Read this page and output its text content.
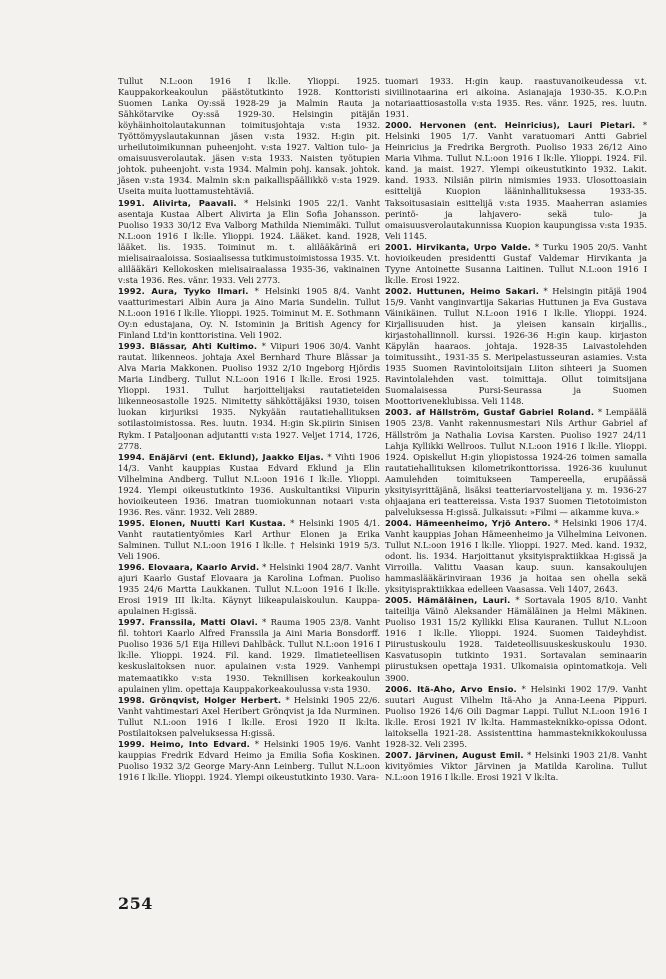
Tullut N.L:oon 1916 I lk:lle. Ylioppi. 1925. Kauppakorkeakoulun päästötutkinto 1928. Konttoristi Suomen Lanka Oy:ssä 1928-29 ja Malmin Rauta ja Sähkötarvike Oy:ssä 1929-30. Helsingin pitäjän köyhäinhoitolautakunnan toimitusjohtaja v:sta 1932. Työttömyyslautakunnan jäsen v:sta 1932. H:gin pit. urheilutoimikunnan puheenjoht. v:sta 1927. Valtion tulo- ja omaisuusverolautak. jäsen v:sta 1933. Naisten työtupien johtok. puheenjoht. v:sta 1934. Malmin pohj. kansak. johtok. jäsen v:sta 1934. Malmin sk:n paikallispäällikkö v:sta 1929. Useita muita luottamustehtäviä.

1991. Alivirta, Paavali. * Helsinki 1905 22/1. Vanht asentaja Kustaa Albert Alivirta ja Elin Sofia Johansson. Puoliso 1933 30/12 Eva Valborg Mathilda Niemimäki. Tullut N.L:oon 1916 I lk:lle. Ylioppi. 1924. Lääket. kand. 1928, lääket. lis. 1935. Toiminut m. t. alilääkärinä eri mielisairaaloissa. Sosiaalisessa tutkimustoimistossa 1935. V.t. alilääkäri Kellokosken mielisairaalassa 1935-36, vakinainen v:sta 1936. Res. vänr. 1933. Veli 2773.

1992. Aura, Tyyko Ilmari. * Helsinki 1905 8/4. Vanht vaatturimestari Albin Aura ja Aino Maria Sundelin. Tullut N.L:oon 1916 I lk:lle. Ylioppi. 1925. Toiminut M. E. Sothmann Oy:n edustajana, Oy. N. Istominin ja British Agency for Finland Ltd'in konttoristina. Veli 1902.

1993. Blässar, Ahti Kultimo. * Viipuri 1906 30/4. Vanht rautat. liikenneos. johtaja Axel Bernhard Thure Blässar ja Alva Maria Makkonen. Puoliso 1932 2/10 Ingeborg Hjördis Maria Lindberg. Tullut N.L:oon 1916 I lk:lle. Erosi 1925. Ylioppi. 1931. Tullut harjoittelijaksi rautatieteiden liikenneosastolle 1925. Nimitetty sähköttäjäksi 1930, toisen luokan kirjuriksi 1935. Nykyään rautatiehallituksen sotilastoimistossa. Res. luutn. 1934. H:gin Sk.piirin Sinisen Rykm. I Pataljoonan adjutantti v:sta 1927. Veljet 1714, 1726, 2778.

1994. Enäjärvi (ent. Eklund), Jaakko Eljas. * Vihti 1906 14/3. Vanht kauppias Kustaa Edvard Eklund ja Elin Vilhelmina Andberg. Tullut N.L:oon 1916 I lk:lle. Ylioppi. 1924. Ylempi oikeustutkinto 1936. Auskultantiksi Viipurin hovioikeuteen 1936. Imatran tuomiokunnan notaari v:sta 1936. Res. vänr. 1932. Veli 2889.

1995. Elonen, Nuutti Karl Kustaa. * Helsinki 1905 4/1. Vanht rautatientyömies Karl Arthur Elonen ja Erika Salminen. Tullut N.L:oon 1916 I lk:lle. † Helsinki 1919 5/3. Veli 1906.

1996. Elovaara, Kaarlo Arvid. * Helsinki 1904 28/7. Vanht ajuri Kaarlo Gustaf Elovaara ja Karolina Lofman. Puoliso 1935 24/6 Martta Laukkanen. Tullut N.L:oon 1916 I lk:lle. Erosi 1919 III lk:lta. Käynyt liikeapulaiskoulun. Kauppa-apulainen H:gissä.

1997. Franssila, Matti Olavi. * Rauma 1905 23/8. Vanht fil. tohtori Kaarlo Alfred Franssila ja Aini Maria Bonsdorff. Puoliso 1936 5/1 Eija Hillevi Dahlbäck. Tullut N.L:oon 1916 I lk:lle. Ylioppi. 1924. Fil. kand. 1929. Ilmatieteellisen keskuslaitoksen nuor. apulainen v:sta 1929. Vanhempi matemaatikko v:sta 1930. Teknillisen korkeakoulun apulainen ylim. opettaja Kauppakorkeakoulussa v:sta 1930.

1998. Grönqvist, Holger Herbert. * Helsinki 1905 22/6. Vanht vahtimestari Axel Heribert Grönqvist ja Ida Nurminen. Tullut N.L:oon 1916 I lk:lle. Erosi 1920 II lk:lta. Postilaitoksen palveluksessa H:gissä.

1999. Heimo, Into Edvard. * Helsinki 1905 19/6. Vanht kauppias Fredrik Edvard Heimo ja Emilia Sofia Koskinen. Puoliso 1932 3/2 George Mary-Ann Leinberg. Tullut N.L:oon 1916 I lk:lle. Ylioppi. 1924. Ylempi oikeustutkinto 1930. Vara-

tuomari 1933. H:gin kaup. raastuvanoikeudessa v.t. siviilinotaarina eri aikoina. Asianajaja 1930-35. K.O.P:n notariaattiosastolla v:sta 1935. Res. vänr. 1925, res. luutn. 1931.

2000. Hervonen (ent. Heinricius), Lauri Pietari. * Helsinki 1905 1/7. Vanht varatuomari Antti Gabriel Heinricius ja Fredrika Bergroth. Puoliso 1933 26/12 Aino Maria Vihma. Tullut N.L:oon 1916 I lk:lle. Ylioppi. 1924. Fil. kand. ja maist. 1927. Ylempi oikeustutkinto 1932. Lakit. kand. 1933. Nilsiän piirin nimismies 1933. Ulosottoasiain esittelijä Kuopion lääninhallituksessa 1933-35. Taksoitusasiain esittelijä v:sta 1935. Maaherran asiamies perintö- ja lahjavero- sekä tulo- ja omaisuusverolautakunnissa Kuopion kaupungissa v:sta 1935. Veli 1145.

2001. Hirvikanta, Urpo Valde. * Turku 1905 20/5. Vanht hovioikeuden presidentti Gustaf Valdemar Hirvikanta ja Tyyne Antoinette Susanna Laitinen. Tullut N.L:oon 1916 I lk:lle. Erosi 1922.

2002. Huttunen, Heimo Sakari. * Helsingin pitäjä 1904 15/9. Vanht vanginvartija Sakarias Huttunen ja Eva Gustava Väinikäinen. Tullut N.L:oon 1916 I lk:lle. Ylioppi. 1924. Kirjallisuuden hist. ja yleisen kansain kirjallis., kirjastohallinnoll. kurssi. 1926-36 H:gin kaup. kirjaston Käpylän haaraos. johtaja. 1928-35 Laivastolehden toimitussiht., 1931-35 S. Meripelastusseuran asiamies. V:sta 1935 Suomen Ravintoloitsijain Liiton sihteeri ja Suomen Ravintolalehden vast. toimittaja. Ollut toimitsijana Suomalaisessa Pursi-Seurassa ja Suomen Moottoriveneklubissa. Veli 1148.

2003. af Hällström, Gustaf Gabriel Roland. * Lempäälä 1905 23/8. Vanht rakennusmestari Nils Arthur Gabriel af Hällström ja Nathalia Lovisa Karsten. Puoliso 1927 24/11 Lahja Kyllikki Wellroos. Tullut N.L:oon 1916 I lk:lle. Ylioppi. 1924. Opiskellut H:gin yliopistossa 1924-26 toimen samalla rautatiehallituksen kilometrikonttorissa. 1926-36 kuulunut Aamulehden toimitukseen Tampereella, erupäässä yksityisyrittäjänä, lisäksi teatteriarvostelijana y. m. 1936-27 ohjaajana eri teattereissa. V:sta 1937 Suomen Tietotoimiston palveluksessa H:gissä. Julkaissut: »Filmi — aikamme kuva.»

2004. Hämeenheimo, Yrjö Antero. * Helsinki 1906 17/4. Vanht kauppias Johan Hämeenheimo ja Vilhelmina Leivonen. Tullut N.L:oon 1916 I lk:lle. Ylioppi. 1927. Med. kand. 1932, odont. lis. 1934. Harjoittanut yksityispraktiikkaa H:gissä ja Virroilla. Valittu Vaasan kaup. suun. kansakoulujen hammaslääkärinviraan 1936 ja hoitaa sen ohella sekä yksityispraktiikkaa edelleen Vaasassa. Veli 1407, 2643.

2005. Hämäläinen, Lauri. * Sortavala 1905 8/10. Vanht taiteilija Väinö Aleksander Hämäläinen ja Helmi Mäkinen. Puoliso 1931 15/2 Kyllikki Elisa Kauranen. Tullut N.L:oon 1916 I lk:lle. Ylioppi. 1924. Suomen Taideyhdist. Piirustuskoulu 1928. Taideteollisuuskeskuskoulu 1930. Kasvatusopin tutkinto 1931. Sortavalan seminaarin piirustuksen opettaja 1931. Ulkomaisia opintomatkoja. Veli 3900.

2006. Itä-Aho, Arvo Ensio. * Helsinki 1902 17/9. Vanht suutari August Vilhelm Itä-Aho ja Anna-Leena Pippuri. Puoliso 1926 14/6 Oili Dagmar Lappi. Tullut N.L:oon 1916 I lk:lle. Erosi 1921 IV lk:lta. Hammasteknikko-opissa Odont. laitoksella 1921-28. Assistenttina hammasteknikkokoulussa 1928-32. Veli 2395.

2007. Järvinen, August Emil. * Helsinki 1903 21/8. Vanht kivityömies Viktor Järvinen ja Matilda Karolina. Tullut N.L:oon 1916 I lk:lle. Erosi 1921 V lk:lta.

254
